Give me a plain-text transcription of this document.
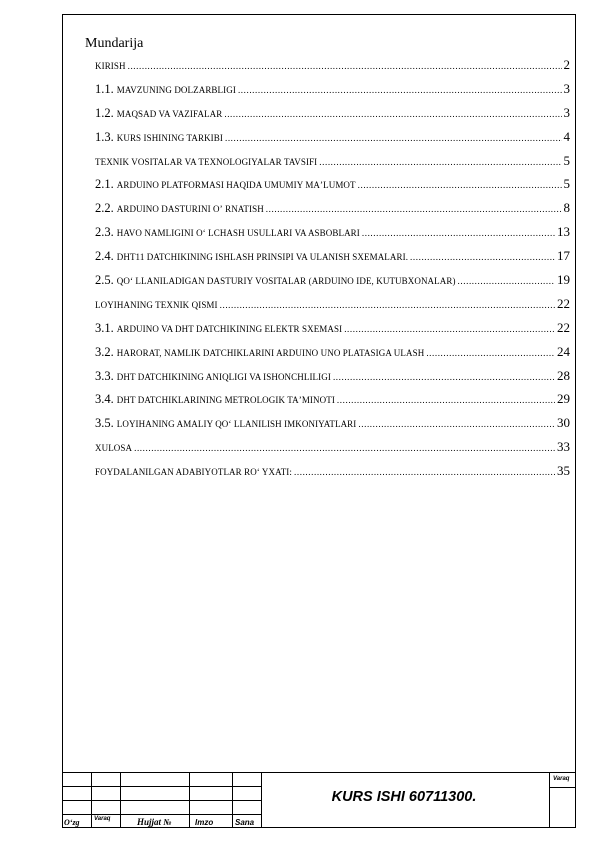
Mundarija
KIRISH .....	2
1.1. MAVZUNING DOLZARBLIGI .....	3
1.2. MAQSAD VA VAZIFALAR .....	3
1.3. KURS ISHINING TARKIBI .....	4
TEXNIK VOSITALAR VA TEXNOLOGIYALAR TAVSIFI .....	5
2.1. ARDUINO PLATFORMASI HAQIDA UMUMIY MAʼLUMOT .....	5
2.2. ARDUINO DASTURINI Oʼ RNATISH .....	8
2.3. HAVO NAMLIGINI Oʻ LCHASH USULLARI VA ASBOBLARI .....	13
2.4. DHT11 DATCHIKINING ISHLASH PRINSIPI VA ULANISH SXEMALARI. .....	17
2.5. QOʻ LLANILADIGAN DASTURIY VOSITALAR (ARDUINO IDE, KUTUBXONALAR) .....	19
LOYIHANING TEXNIK QISMI .....	22
3.1. ARDUINO VA DHT DATCHIKINING ELEKTR SXEMASI .....	22
3.2. HARORAT, NAMLIK DATCHIKLARINI ARDUINO UNO PLATASIGA ULASH .....	24
3.3. DHT DATCHIKINING ANIQLIGI VA ISHONCHLILIGI .....	28
3.4. DHT DATCHIKLARINING METROLOGIK TAʼMINOTI .....	29
3.5. LOYIHANING AMALIY QOʻ LLANILISH IMKONIYATLARI .....	30
XULOSA .....	33
FOYDALANILGAN ADABIYOTLAR ROʻ YXATI: .....	35
O‘zg Varaq	Hujjat №	Imzo	Sana
KURS ISHI 60711300.
Varaq
